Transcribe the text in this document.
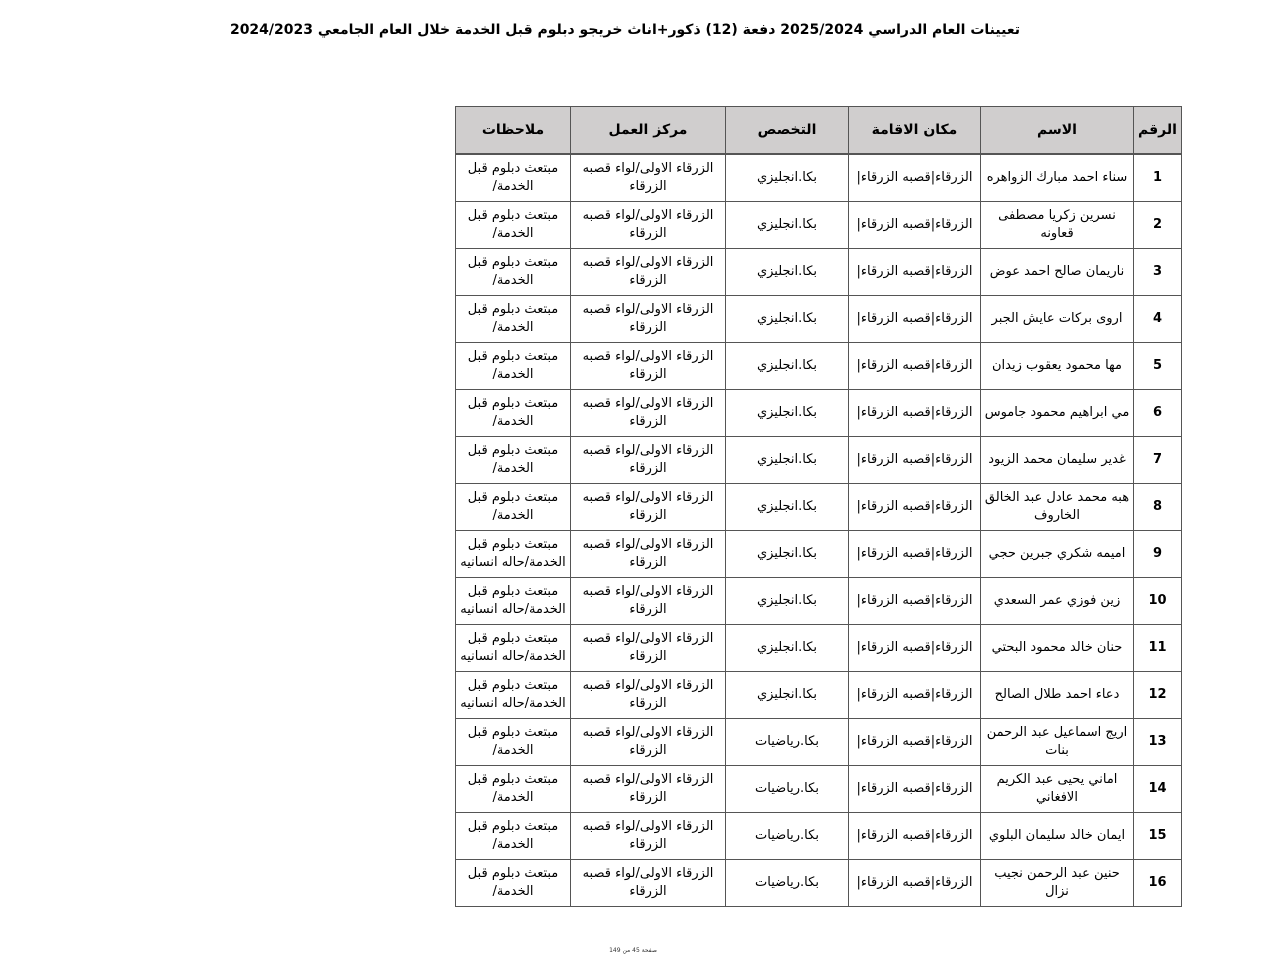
تعيينات العام الدراسي 2025/2024 دفعة (12) ذكور+اناث خريجو دبلوم قبل الخدمة خلال العام الجامعي 2024/2023
الرقم	الاسم	مكان الاقامة	التخصص	مركز العمل	ملاحظات
1	سناء احمد مبارك الزواهره	الزرقاء|قصبه الزرقاء|	بكا.انجليزي	الزرقاء الاولى/لواء قصبه الزرقاء	مبتعث دبلوم قبل الخدمة/
2	نسرين زكريا مصطفى قعاونه	الزرقاء|قصبه الزرقاء|	بكا.انجليزي	الزرقاء الاولى/لواء قصبه الزرقاء	مبتعث دبلوم قبل الخدمة/
3	ناريمان صالح احمد عوض	الزرقاء|قصبه الزرقاء|	بكا.انجليزي	الزرقاء الاولى/لواء قصبه الزرقاء	مبتعث دبلوم قبل الخدمة/
4	اروى بركات عايش الجبر	الزرقاء|قصبه الزرقاء|	بكا.انجليزي	الزرقاء الاولى/لواء قصبه الزرقاء	مبتعث دبلوم قبل الخدمة/
5	مها محمود يعقوب زيدان	الزرقاء|قصبه الزرقاء|	بكا.انجليزي	الزرقاء الاولى/لواء قصبه الزرقاء	مبتعث دبلوم قبل الخدمة/
6	مي ابراهيم محمود جاموس	الزرقاء|قصبه الزرقاء|	بكا.انجليزي	الزرقاء الاولى/لواء قصبه الزرقاء	مبتعث دبلوم قبل الخدمة/
7	غدير سليمان محمد الزيود	الزرقاء|قصبه الزرقاء|	بكا.انجليزي	الزرقاء الاولى/لواء قصبه الزرقاء	مبتعث دبلوم قبل الخدمة/
8	هبه محمد عادل عبد الخالق الخاروف	الزرقاء|قصبه الزرقاء|	بكا.انجليزي	الزرقاء الاولى/لواء قصبه الزرقاء	مبتعث دبلوم قبل الخدمة/
9	اميمه شكري جبرين حجي	الزرقاء|قصبه الزرقاء|	بكا.انجليزي	الزرقاء الاولى/لواء قصبه الزرقاء	مبتعث دبلوم قبل الخدمة/حاله انسانيه
10	زين فوزي عمر السعدي	الزرقاء|قصبه الزرقاء|	بكا.انجليزي	الزرقاء الاولى/لواء قصبه الزرقاء	مبتعث دبلوم قبل الخدمة/حاله انسانيه
11	حنان خالد محمود البحتي	الزرقاء|قصبه الزرقاء|	بكا.انجليزي	الزرقاء الاولى/لواء قصبه الزرقاء	مبتعث دبلوم قبل الخدمة/حاله انسانيه
12	دعاء احمد طلال الصالح	الزرقاء|قصبه الزرقاء|	بكا.انجليزي	الزرقاء الاولى/لواء قصبه الزرقاء	مبتعث دبلوم قبل الخدمة/حاله انسانيه
13	اريج اسماعيل عبد الرحمن بنات	الزرقاء|قصبه الزرقاء|	بكا.رياضيات	الزرقاء الاولى/لواء قصبه الزرقاء	مبتعث دبلوم قبل الخدمة/
14	اماني يحيى عبد الكريم الافغاني	الزرقاء|قصبه الزرقاء|	بكا.رياضيات	الزرقاء الاولى/لواء قصبه الزرقاء	مبتعث دبلوم قبل الخدمة/
15	ايمان خالد سليمان البلوي	الزرقاء|قصبه الزرقاء|	بكا.رياضيات	الزرقاء الاولى/لواء قصبه الزرقاء	مبتعث دبلوم قبل الخدمة/
16	حنين عبد الرحمن نجيب نزال	الزرقاء|قصبه الزرقاء|	بكا.رياضيات	الزرقاء الاولى/لواء قصبه الزرقاء	مبتعث دبلوم قبل الخدمة/
صفحة 45 من 149
